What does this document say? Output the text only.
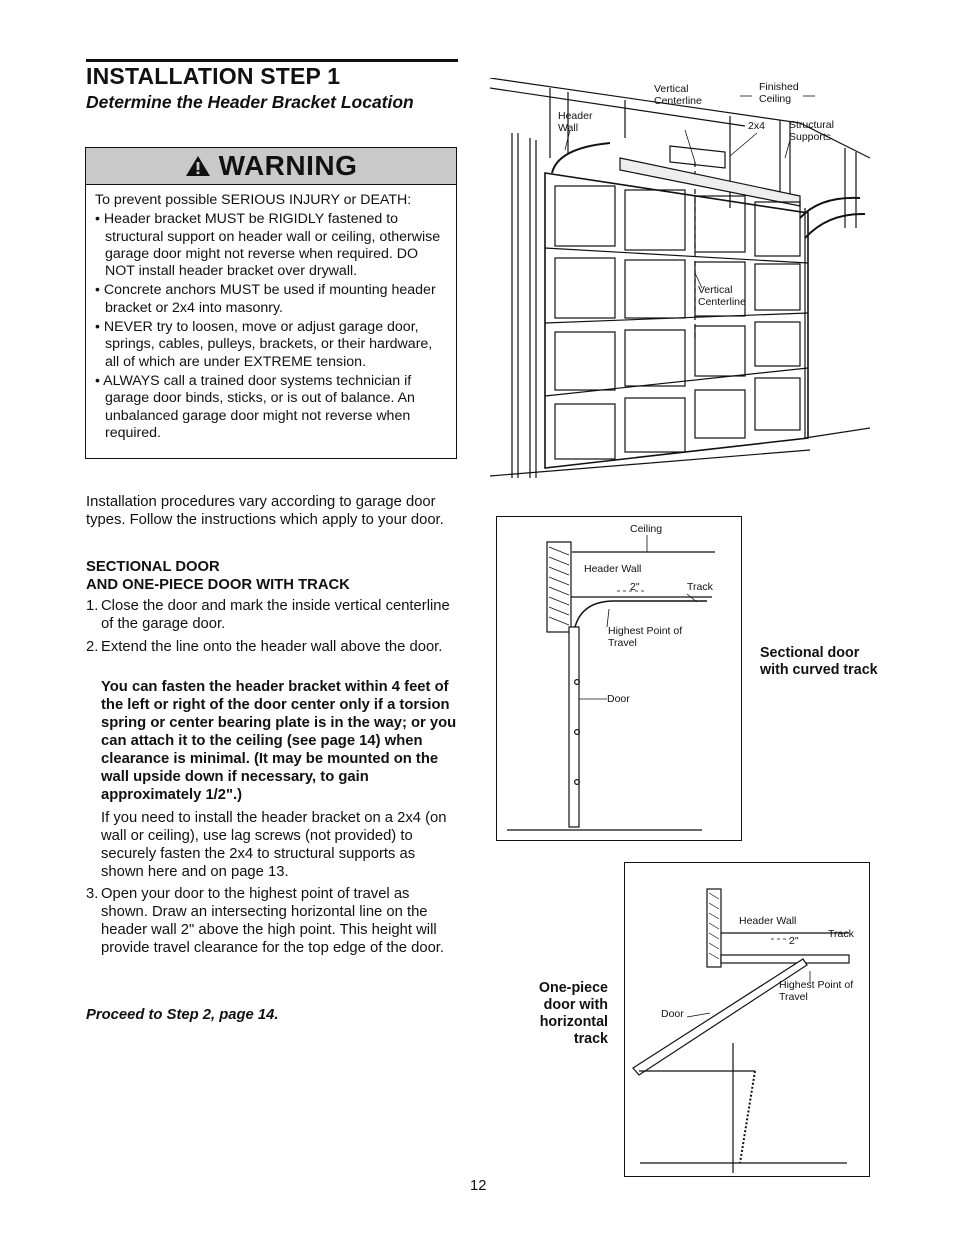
INSTALLATION STEP 1
Determine the Header Bracket Location
WARNING
To prevent possible SERIOUS INJURY or DEATH:
• Header bracket MUST be RIGIDLY fastened to structural support on header wall or ceiling, otherwise garage door might not reverse when required. DO NOT install header bracket over drywall.
• Concrete anchors MUST be used if mounting header bracket or 2x4 into masonry.
• NEVER try to loosen, move or adjust garage door, springs, cables, pulleys, brackets, or their hardware, all of which are under EXTREME tension.
• ALWAYS call a trained door systems technician if garage door binds, sticks, or is out of balance. An unbalanced garage door might not reverse when required.
Installation procedures vary according to garage door types. Follow the instructions which apply to your door.
SECTIONAL DOOR
AND ONE-PIECE DOOR WITH TRACK
1. Close the door and mark the inside vertical centerline of the garage door.
2. Extend the line onto the header wall above the door.
You can fasten the header bracket within 4 feet of the left or right of the door center only if a torsion spring or center bearing plate is in the way; or you can attach it to the ceiling (see page 14) when clearance is minimal. (It may be mounted on the wall upside down if necessary, to gain approximately 1/2".)
If you need to install the header bracket on a 2x4 (on wall or ceiling), use lag screws (not provided) to securely fasten the 2x4 to structural supports as shown here and on page 13.
3. Open your door to the highest point of travel as shown. Draw an intersecting horizontal line on the header wall 2" above the high point. This height will provide travel clearance for the top edge of the door.
Proceed to Step 2, page 14.
12
Header Wall
Vertical Centerline
Finished Ceiling
2x4 Structural Supports
Vertical Centerline
Ceiling
Header Wall
2"	Track
Highest Point of Travel
Door
Sectional door with curved track
Header Wall
2"
Track
Highest Point of Travel
Door
One-piece door with horizontal track
